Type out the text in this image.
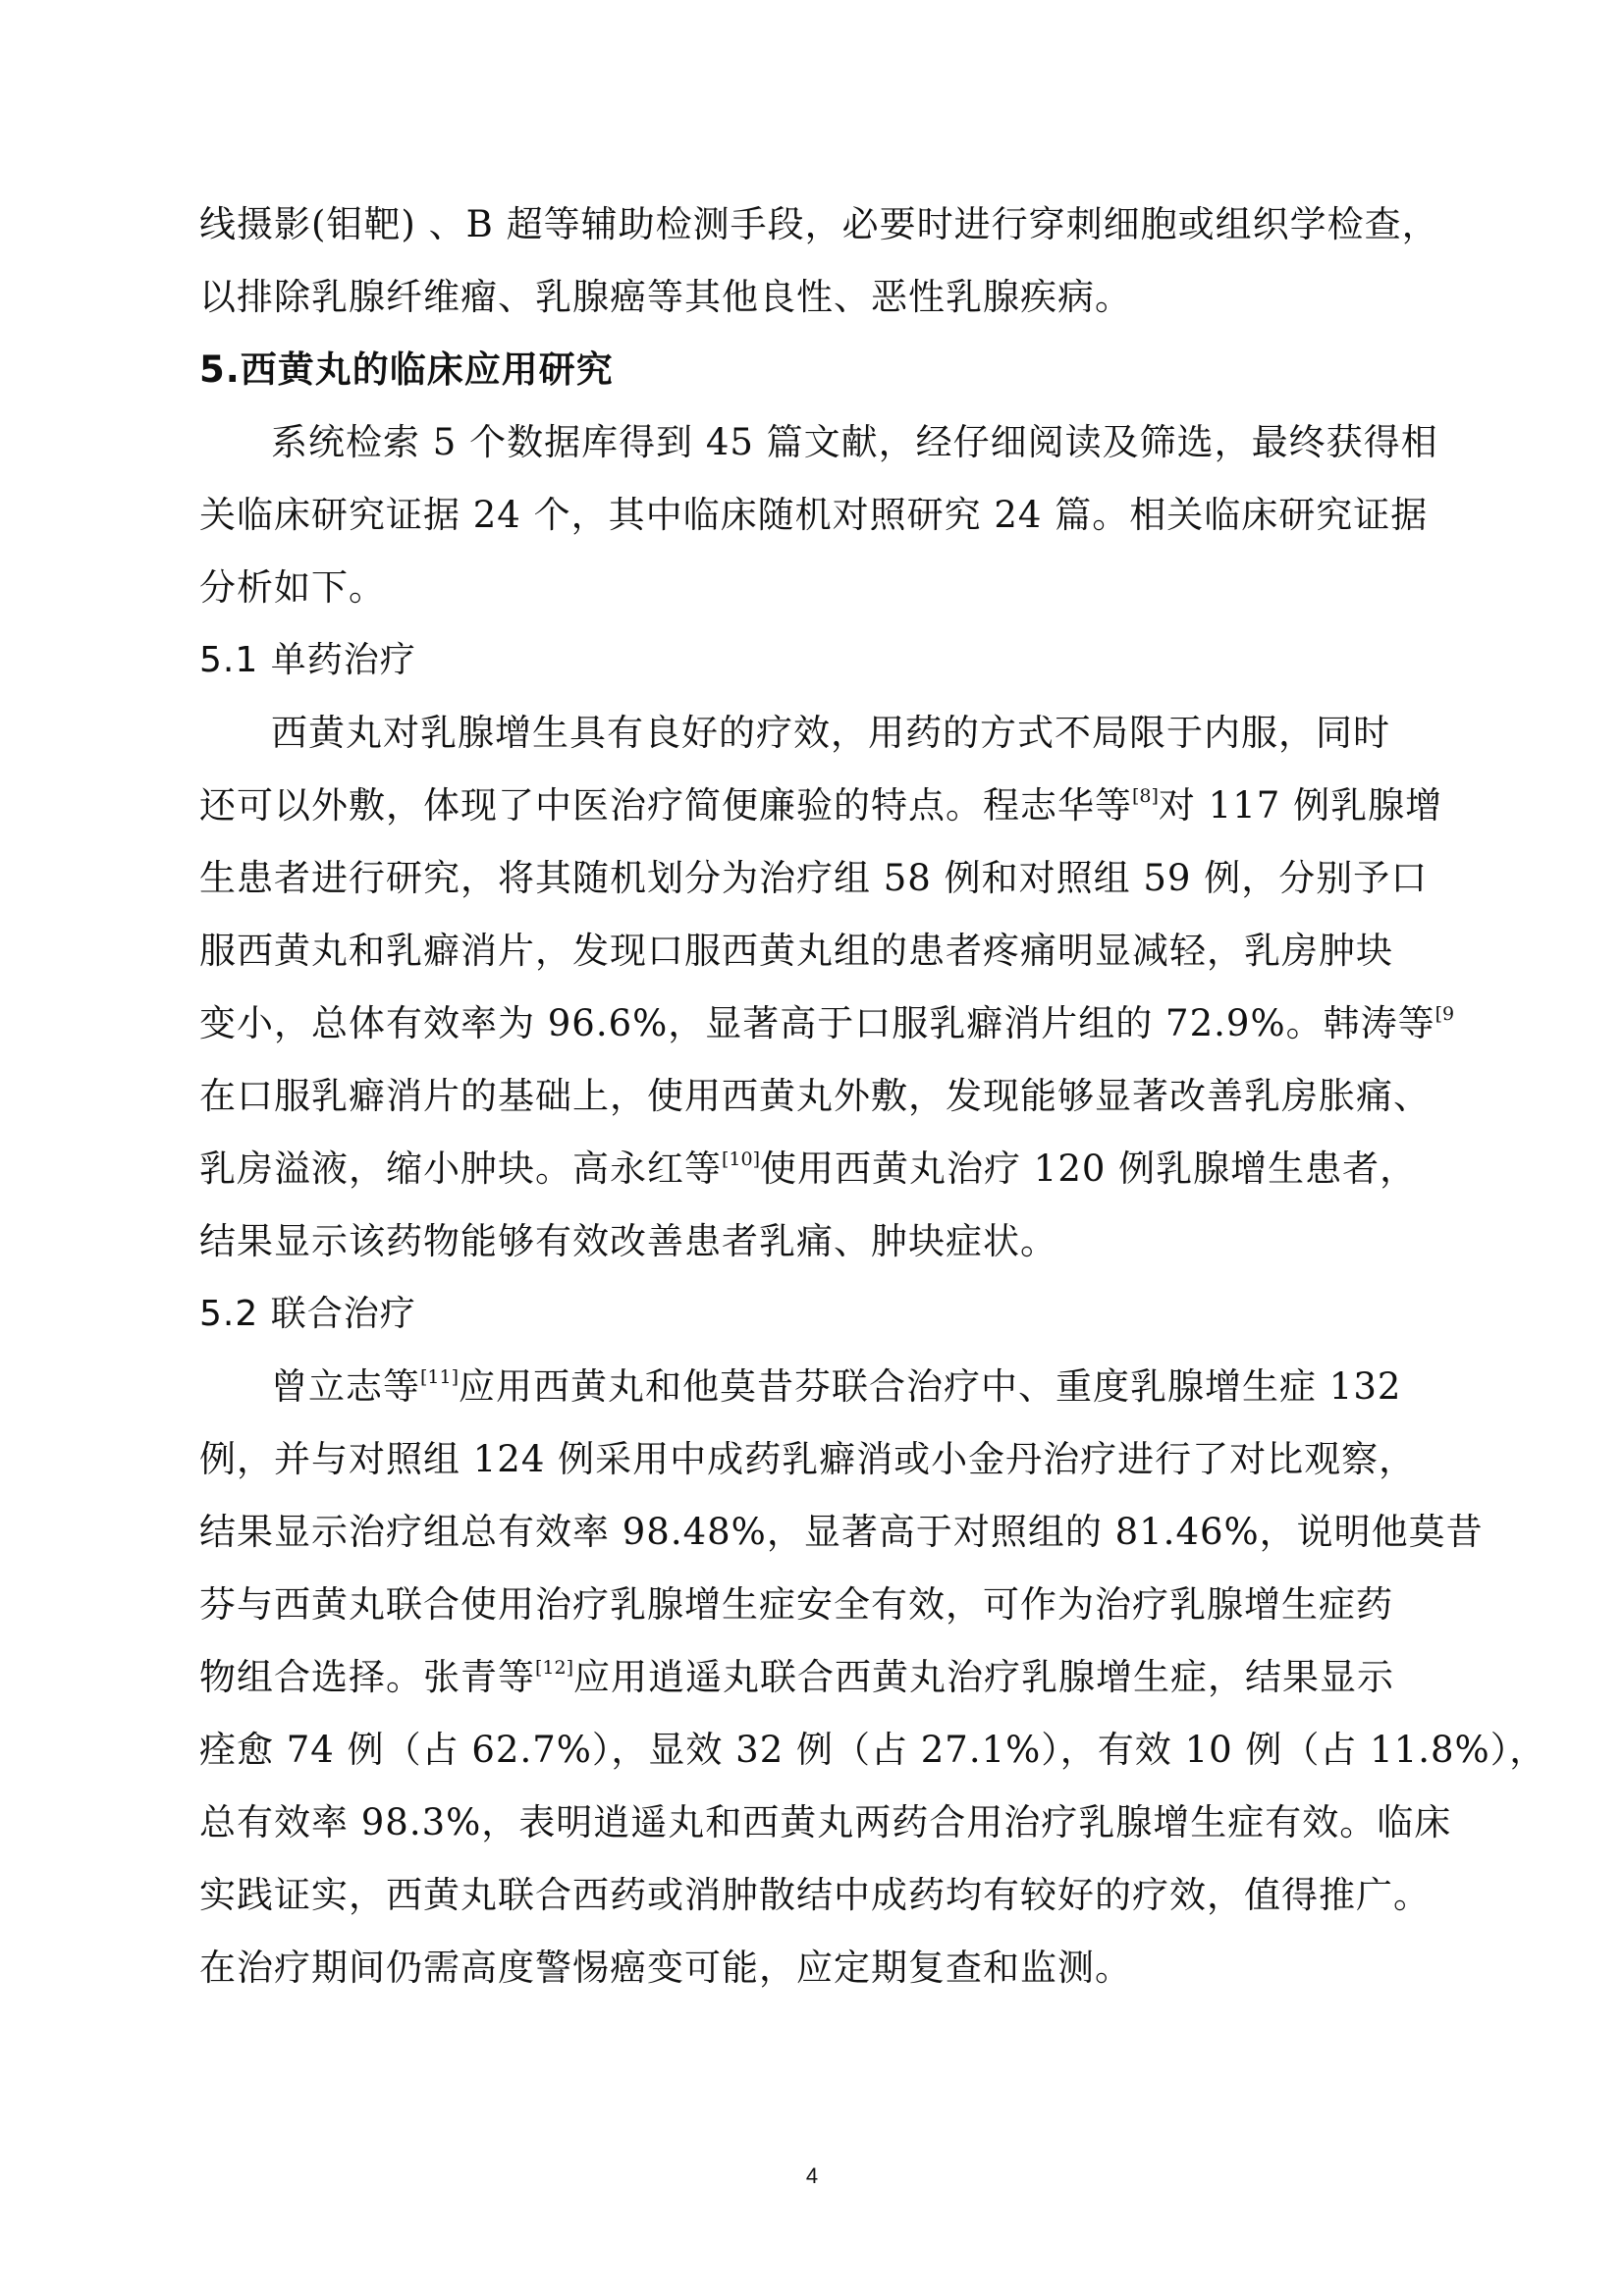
线摄影(钼靶) 、B 超等辅助检测手段，必要时进行穿刺细胞或组织学检查，
以排除乳腺纤维瘤、乳腺癌等其他良性、恶性乳腺疾病。
5.西黄丸的临床应用研究
系统检索 5 个数据库得到 45 篇文献，经仔细阅读及筛选，最终获得相
关临床研究证据 24 个，其中临床随机对照研究 24 篇。相关临床研究证据
分析如下。
5.1 单药治疗
西黄丸对乳腺增生具有良好的疗效，用药的方式不局限于内服，同时
还可以外敷，体现了中医治疗简便廉验的特点。程志华等[8]对 117 例乳腺增
生患者进行研究，将其随机划分为治疗组 58 例和对照组 59 例，分别予口
服西黄丸和乳癖消片，发现口服西黄丸组的患者疼痛明显减轻，乳房肿块
变小，总体有效率为 96.6%，显著高于口服乳癖消片组的 72.9%。韩涛等$^{[9}$
在口服乳癖消片的基础上，使用西黄丸外敷，发现能够显著改善乳房胀痛、
乳房溢液，缩小肿块。高永红等[10]使用西黄丸治疗 120 例乳腺增生患者，
结果显示该药物能够有效改善患者乳痛、肿块症状。
5.2 联合治疗
曾立志等[11]应用西黄丸和他莫昔芬联合治疗中、重度乳腺增生症 132
例，并与对照组 124 例采用中成药乳癖消或小金丹治疗进行了对比观察，
结果显示治疗组总有效率 98.48%，显著高于对照组的 81.46%，说明他莫昔
芬与西黄丸联合使用治疗乳腺增生症安全有效，可作为治疗乳腺增生症药
物组合选择。张青等[12]应用逍遥丸联合西黄丸治疗乳腺增生症，结果显示
痊愈 74 例（占 62.7%），显效 32 例（占 27.1%），有效 10 例（占 11.8%），
总有效率 98.3%，表明逍遥丸和西黄丸两药合用治疗乳腺增生症有效。临床
实践证实，西黄丸联合西药或消肿散结中成药均有较好的疗效，值得推广。
在治疗期间仍需高度警惕癌变可能，应定期复查和监测。
4
